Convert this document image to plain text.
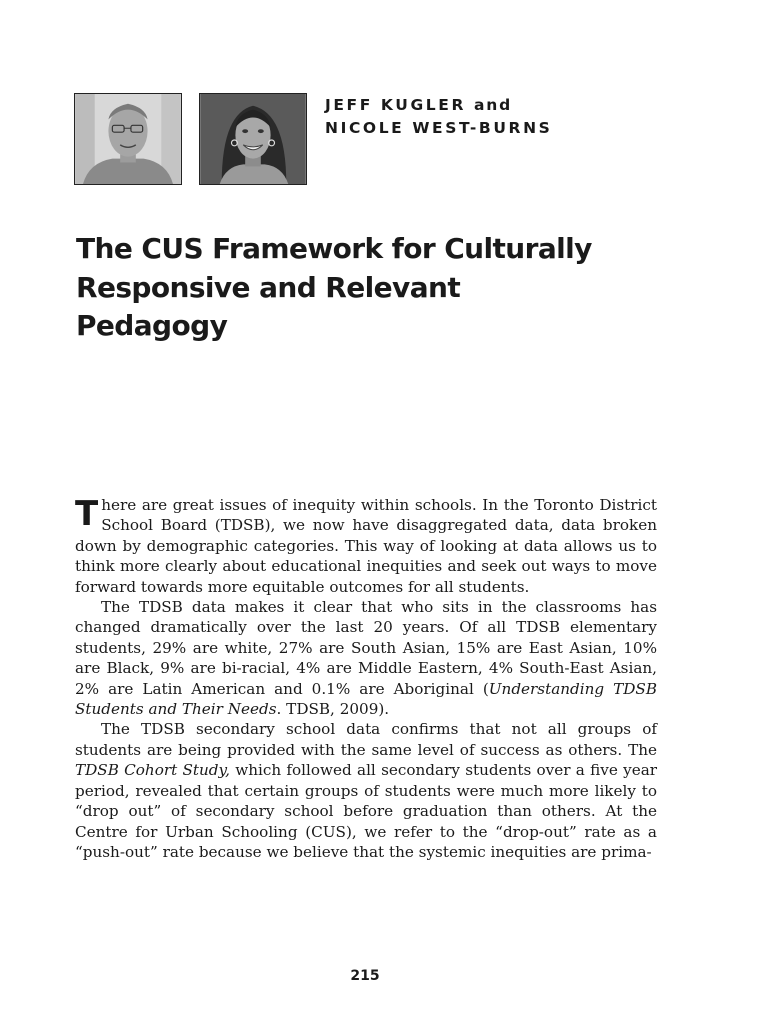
JEFF KUGLER and
NICOLE WEST-BURNS
The CUS Framework for Culturally
Responsive and Relevant
Pedagogy

There are great issues of inequity within schools. In the Toronto District School Board (TDSB), we now have disaggregated data, data broken down by demographic categories. This way of looking at data allows us to think more clearly about educational inequities and seek out ways to move forward towards more equitable outcomes for all students.

The TDSB data makes it clear that who sits in the classrooms has changed dramatically over the last 20 years. Of all TDSB elementary students, 29% are white, 27% are South Asian, 15% are East Asian, 10% are Black, 9% are bi-racial, 4% are Middle Eastern, 4% South-East Asian, 2% are Latin American and 0.1% are Aboriginal (Understanding TDSB Students and Their Needs. TDSB, 2009).

The TDSB secondary school data confirms that not all groups of students are being provided with the same level of success as others. The TDSB Cohort Study, which followed all secondary students over a five year period, revealed that certain groups of students were much more likely to “drop out” of secondary school before graduation than others. At the Centre for Urban Schooling (CUS), we refer to the “drop-out” rate as a “push-out” rate because we believe that the systemic inequities are prima-

215
